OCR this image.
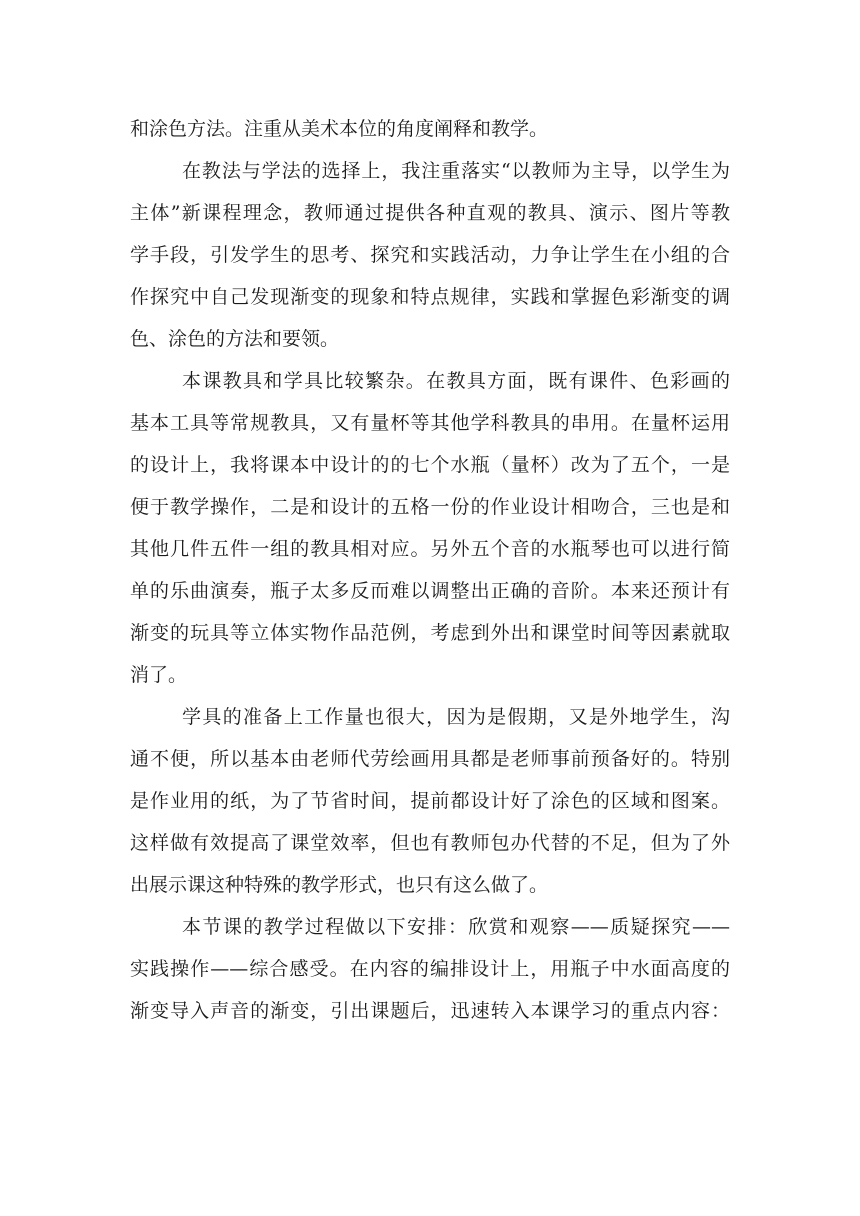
和涂色方法。注重从美术本位的角度阐释和教学。
在教法与学法的选择上，我注重落实“以教师为主导，以学生为
主体”新课程理念，教师通过提供各种直观的教具、演示、图片等教
学手段，引发学生的思考、探究和实践活动，力争让学生在小组的合
作探究中自己发现渐变的现象和特点规律，实践和掌握色彩渐变的调
色、涂色的方法和要领。
本课教具和学具比较繁杂。在教具方面，既有课件、色彩画的
基本工具等常规教具，又有量杯等其他学科教具的串用。在量杯运用
的设计上，我将课本中设计的的七个水瓶（量杯）改为了五个，一是
便于教学操作，二是和设计的五格一份的作业设计相吻合，三也是和
其他几件五件一组的教具相对应。另外五个音的水瓶琴也可以进行简
单的乐曲演奏，瓶子太多反而难以调整出正确的音阶。本来还预计有
渐变的玩具等立体实物作品范例，考虑到外出和课堂时间等因素就取
消了。
学具的准备上工作量也很大，因为是假期，又是外地学生，沟
通不便，所以基本由老师代劳绘画用具都是老师事前预备好的。特别
是作业用的纸，为了节省时间，提前都设计好了涂色的区域和图案。
这样做有效提高了课堂效率，但也有教师包办代替的不足，但为了外
出展示课这种特殊的教学形式，也只有这么做了。
本节课的教学过程做以下安排：欣赏和观察——质疑探究——
实践操作——综合感受。在内容的编排设计上，用瓶子中水面高度的
渐变导入声音的渐变，引出课题后，迅速转入本课学习的重点内容：
